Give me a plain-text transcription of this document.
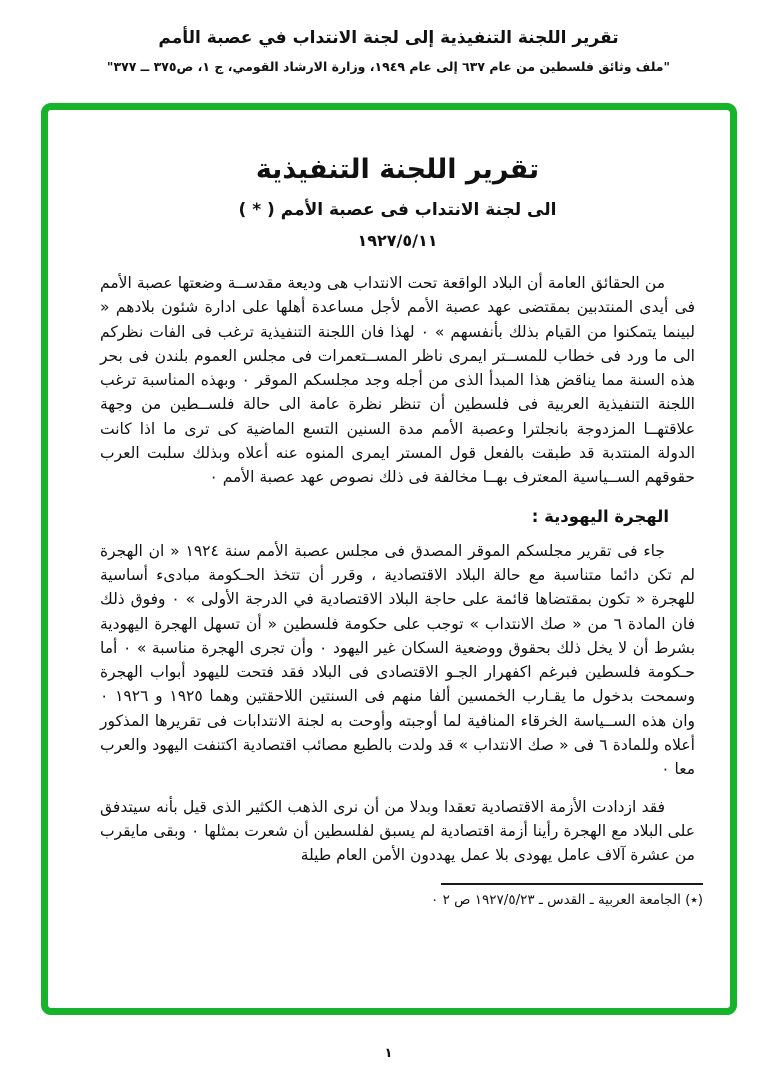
تقرير اللجنة التنفيذية إلى لجنة الانتداب في عصبة الأمم
"ملف وثائق فلسطين من عام ٦٣٧ إلى عام ١٩٤٩، وزارة الارشاد القومي، ج ١، ص٣٧٥ ــ ٣٧٧"
تقرير اللجنة التنفيذية
الى لجنة الانتداب فى عصبة الأمم ( * )
١٩٢٧/٥/١١

من الحقائق العامة أن البلاد الواقعة تحت الانتداب هى وديعة مقدســة وضعتها عصبة الأمم فى أيدى المنتدبين بمقتضى عهد عصبة الأمم لأجل مساعدة أهلها على ادارة شئون بلادهم « لبينما يتمكنوا من القيام بذلك بأنفسهم » ٠ لهذا فان اللجنة التنفيذية ترغب فى الفات نظركم الى ما ورد فى خطاب للمســتر ايمرى ناظر المســتعمرات فى مجلس العموم بلندن فى بحر هذه السنة مما يناقض هذا المبدأ الذى من أجله وجد مجلسكم الموقر ٠ وبهذه المناسبة ترغب اللجنة التنفيذية العربية فى فلسطين أن تنظر نظرة عامة الى حالة فلســطين من وجهة علاقتهــا المزدوجة بانجلترا وعصبة الأمم مدة السنين التسع الماضية كى ترى ما اذا كانت الدولة المنتدبة قد طبقت بالفعل قول المستر ايمرى المنوه عنه أعلاه وبذلك سلبت العرب حقوقهم الســياسية المعترف بهــا مخالفة فى ذلك نصوص عهد عصبة الأمم ٠

الهجرة اليهودية :

جاء فى تقرير مجلسكم الموقر المصدق فى مجلس عصبة الأمم سنة ١٩٢٤ « ان الهجرة لم تكن دائما متناسبة مع حالة البلاد الاقتصادية ، وقرر أن تتخذ الحـكومة مبادىء أساسية للهجرة « تكون بمقتضاها قائمة على حاجة البلاد الاقتصادية في الدرجة الأولى » ٠ وفوق ذلك فان المادة ٦ من « صك الانتداب » توجب على حكومة فلسطين « أن تسهل الهجرة اليهودية بشرط أن لا يخل ذلك بحقوق ووضعية السكان غير اليهود ٠ وأن تجرى الهجرة مناسبة » ٠ أما حـكومة فلسطين فبرغم اكفهرار الجـو الاقتصادى فى البلاد فقد فتحت لليهود أبواب الهجرة وسمحت بدخول ما يقـارب الخمسين ألفا منهم فى السنتين اللاحقتين وهما ١٩٢٥ و ١٩٢٦ ٠ وان هذه الســياسة الخرقاء المنافية لما أوجبته وأوحت به لجنة الانتدابات فى تقريرها المذكور أعلاه وللمادة ٦ فى « صك الانتداب » قد ولدت بالطبع مصائب اقتصادية اكتنفت اليهود والعرب معا ٠

فقد ازدادت الأزمة الاقتصادية تعقدا وبدلا من أن نرى الذهب الكثير الذى قيل بأنه سيتدفق على البلاد مع الهجرة رأينا أزمة اقتصادية لم يسبق لفلسطين أن شعرت بمثلها ٠ وبقى مايقرب من عشرة آلاف عامل يهودى بلا عمل يهددون الأمن العام طيلة

(٭) الجامعة العربية ـ القدس ـ ١٩٢٧/٥/٢٣ ص ٢ ٠
١
